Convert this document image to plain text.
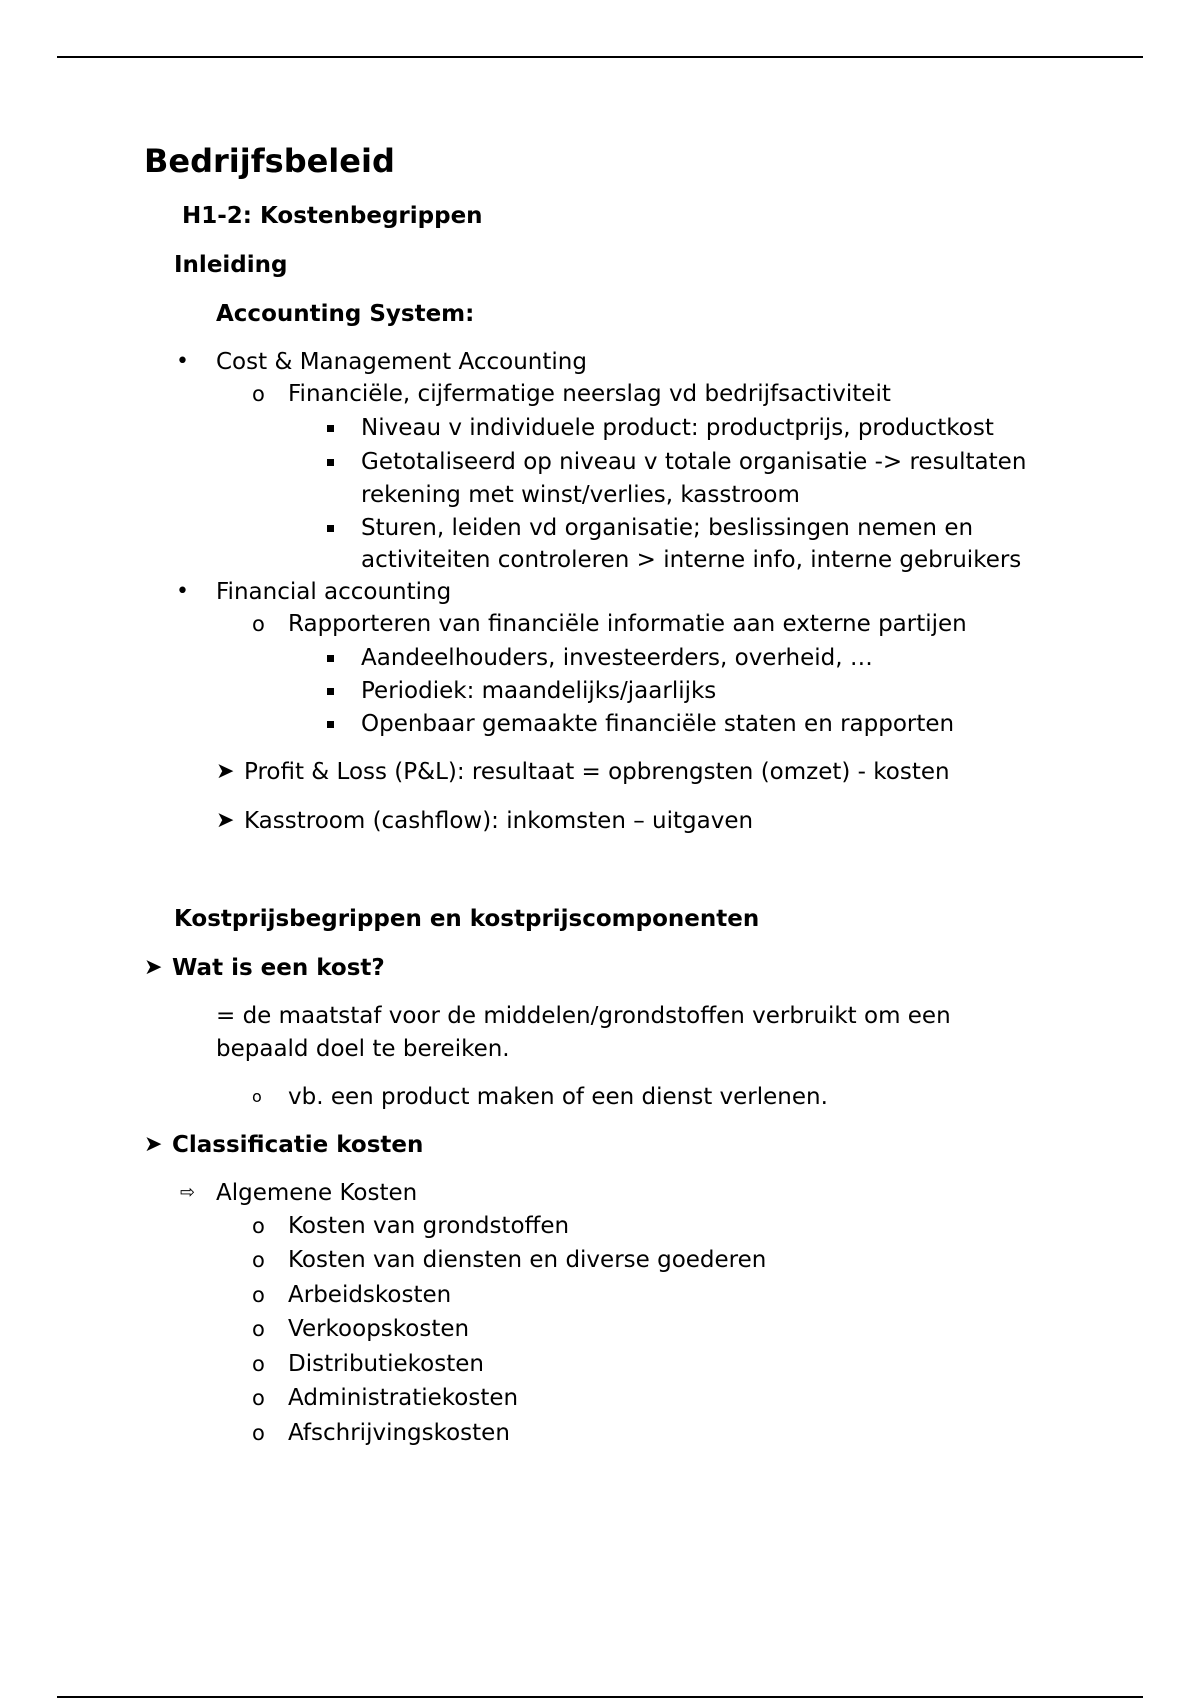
Bedrijfsbeleid
H1-2: Kostenbegrippen
Inleiding
Accounting System:
• Cost & Management Accounting
o Financiële, cijfermatige neerslag vd bedrijfsactiviteit
Niveau v individuele product: productprijs, productkost
Getotaliseerd op niveau v totale organisatie -> resultaten
rekening met winst/verlies, kasstroom
Sturen, leiden vd organisatie; beslissingen nemen en
activiteiten controleren > interne info, interne gebruikers
• Financial accounting
o Rapporteren van financiële informatie aan externe partijen
Aandeelhouders, investeerders, overheid, …
Periodiek: maandelijks/jaarlijks
Openbaar gemaakte financiële staten en rapporten
➤ Profit & Loss (P&L): resultaat = opbrengsten (omzet) - kosten
➤ Kasstroom (cashflow): inkomsten – uitgaven
Kostprijsbegrippen en kostprijscomponenten
➤ Wat is een kost?
= de maatstaf voor de middelen/grondstoffen verbruikt om een
bepaald doel te bereiken.
o vb. een product maken of een dienst verlenen.
➤ Classificatie kosten
⇨ Algemene Kosten
o Kosten van grondstoffen
o Kosten van diensten en diverse goederen
o Arbeidskosten
o Verkoopskosten
o Distributiekosten
o Administratiekosten
o Afschrijvingskosten
